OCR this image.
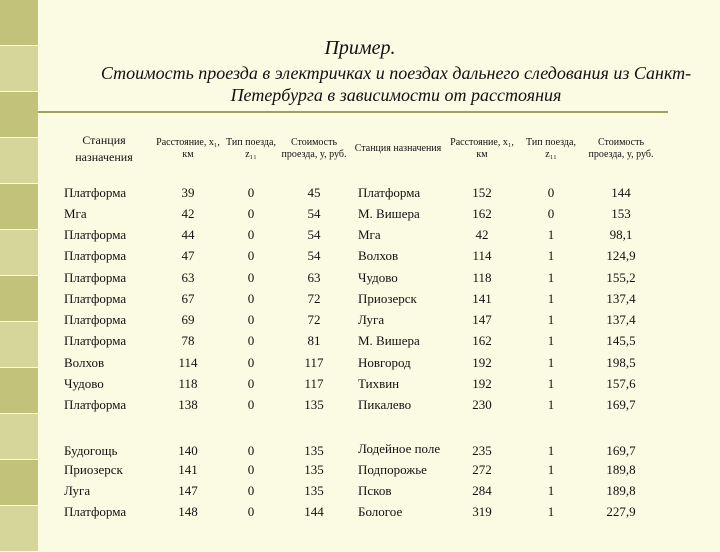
Пример.
Стоимость проезда в электричках и поездах дальнего следования из Санкт-
Петербурга в зависимости от расстояния
Станция назначения	Расстояние, x₁, км	Тип поезда, z₁₁	Стоимость проезда, y, руб.	Станция назначения	Расстояние, x₁, км	Тип поезда, z₁₁	Стоимость проезда, y, руб.
Платформа	39	0	45	Платформа	152	0	144
Мга	42	0	54	М. Вишера	162	0	153
Платформа	44	0	54	Мга	42	1	98,1
Платформа	47	0	54	Волхов	114	1	124,9
Платформа	63	0	63	Чудово	118	1	155,2
Платформа	67	0	72	Приозерск	141	1	137,4
Платформа	69	0	72	Луга	147	1	137,4
Платформа	78	0	81	М. Вишера	162	1	145,5
Волхов	114	0	117	Новгород	192	1	198,5
Чудово	118	0	117	Тихвин	192	1	157,6
Платформа	138	0	135	Пикалево	230	1	169,7
Будогощь	140	0	135	Лодейное поле	235	1	169,7
Приозерск	141	0	135	Подпорожье	272	1	189,8
Луга	147	0	135	Псков	284	1	189,8
Платформа	148	0	144	Бологое	319	1	227,9
